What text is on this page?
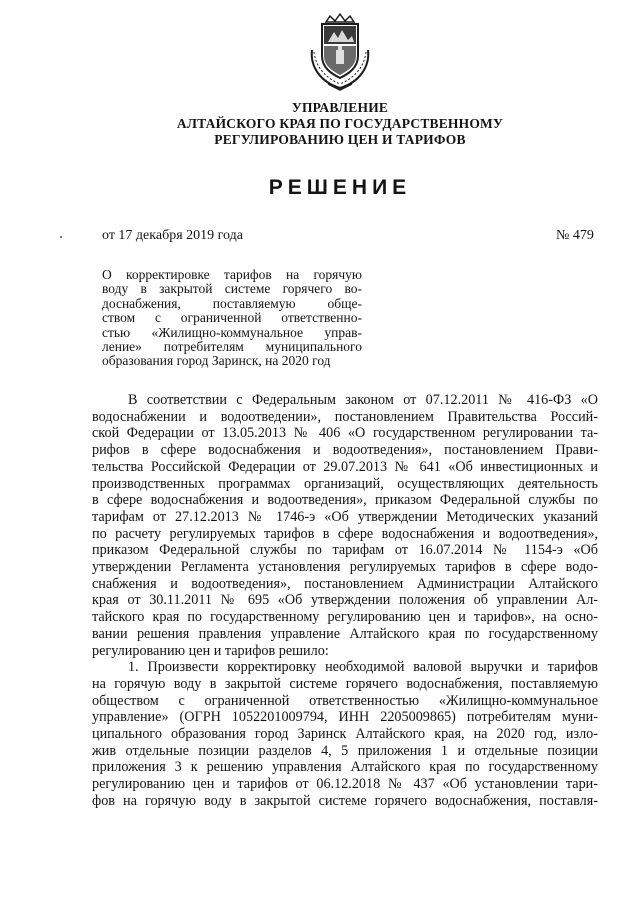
УПРАВЛЕНИЕ
АЛТАЙСКОГО КРАЯ ПО ГОСУДАРСТВЕННОМУ
РЕГУЛИРОВАНИЮ ЦЕН И ТАРИФОВ
РЕШЕНИЕ
от 17 декабря 2019 года	№ 479
О корректировке тарифов на горячую
воду в закрытой системе горячего во-
доснабжения, поставляемую обще-
ством с ограниченной ответственно-
стью «Жилищно-коммунальное управ-
ление» потребителям муниципального
образования город Заринск, на 2020 год
В соответствии с Федеральным законом от 07.12.2011 № 416-ФЗ «О
водоснабжении и водоотведении», постановлением Правительства Россий-
ской Федерации от 13.05.2013 № 406 «О государственном регулировании та-
рифов в сфере водоснабжения и водоотведения», постановлением Прави-
тельства Российской Федерации от 29.07.2013 № 641 «Об инвестиционных и
производственных программах организаций, осуществляющих деятельность
в сфере водоснабжения и водоотведения», приказом Федеральной службы по
тарифам от 27.12.2013 № 1746-э «Об утверждении Методических указаний
по расчету регулируемых тарифов в сфере водоснабжения и водоотведения»,
приказом Федеральной службы по тарифам от 16.07.2014 № 1154-э «Об
утверждении Регламента установления регулируемых тарифов в сфере водо-
снабжения и водоотведения», постановлением Администрации Алтайского
края от 30.11.2011 № 695 «Об утверждении положения об управлении Ал-
тайского края по государственному регулированию цен и тарифов», на осно-
вании решения правления управление Алтайского края по государственному
регулированию цен и тарифов решило:
1. Произвести корректировку необходимой валовой выручки и тарифов
на горячую воду в закрытой системе горячего водоснабжения, поставляемую
обществом с ограниченной ответственностью «Жилищно-коммунальное
управление» (ОГРН 1052201009794, ИНН 2205009865) потребителям муни-
ципального образования город Заринск Алтайского края, на 2020 год, изло-
жив отдельные позиции разделов 4, 5 приложения 1 и отдельные позиции
приложения 3 к решению управления Алтайского края по государственному
регулированию цен и тарифов от 06.12.2018 № 437 «Об установлении тари-
фов на горячую воду в закрытой системе горячего водоснабжения, поставля-
